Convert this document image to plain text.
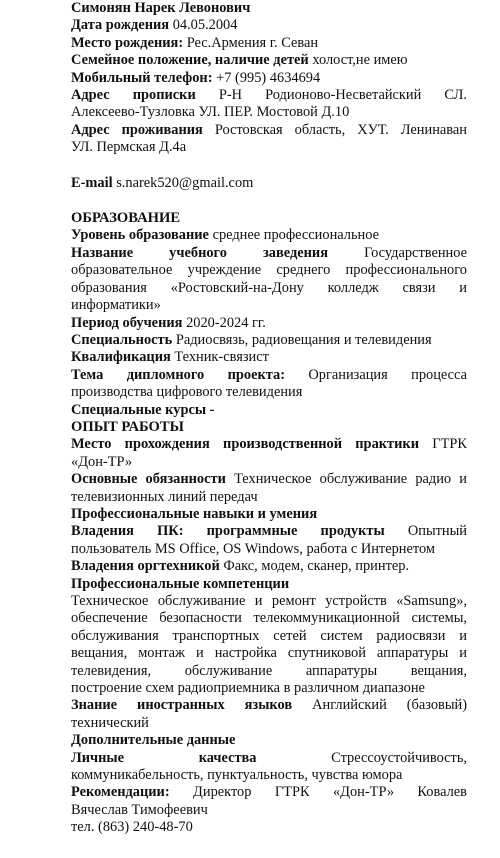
Симонян Нарек Левонович
Дата рождения 04.05.2004
Место рождения: Рес.Армения г. Севан
Семейное положение, наличие детей холост,не имею
Мобильный телефон: +7 (995) 4634694
Адрес прописки Р-Н Родионово-Несветайский СЛ.
Алексеево-Тузловка УЛ. ПЕР. Мостовой Д.10
Адрес проживания Ростовская область, ХУТ. Ленинаван
УЛ. Пермская Д.4а
E-mail s.narek520@gmail.com
ОБРАЗОВАНИЕ
Уровень образование среднее профессиональное
Название учебного заведения	Государственное
образовательное учреждение среднего профессионального
образования «Ростовский-на-Дону колледж связи и
информатики»
Период обучения 2020-2024 гг.
Специальность Радиосвязь, радиовещания и телевидения
Квалификация Техник-связист
Тема дипломного проекта: Организация процесса
производства цифрового телевидения
Специальные курсы -
ОПЫТ РАБОТЫ
Место прохождения производственной практики ГТРК
«Дон-ТР»
Основные обязанности Техническое обслуживание радио и
телевизионных линий передач
Профессиональные навыки и умения
Владения ПК: программные продукты Опытный
пользователь MS Office, OS Windows, работа с Интернетом
Владения оргтехникой Факс, модем, сканер, принтер.
Профессиональные компетенции
Техническое обслуживание и ремонт устройств «Samsung»,
обеспечение безопасности телекоммуникационной системы,
обслуживания транспортных сетей систем радиосвязи и
вещания, монтаж и настройка спутниковой аппаратуры и
телевидения, обслуживание аппаратуры вещания,
построение схем радиоприемника в различном диапазоне
Знание иностранных языков Английский (базовый)
технический
Дополнительные данные
Личные качества	Стрессоустойчивость,
коммуникабельность, пунктуальность, чувства юмора
Рекомендации: Директор ГТРК «Дон-ТР» Ковалев
Вячеслав Тимофеевич
тел. (863) 240-48-70
